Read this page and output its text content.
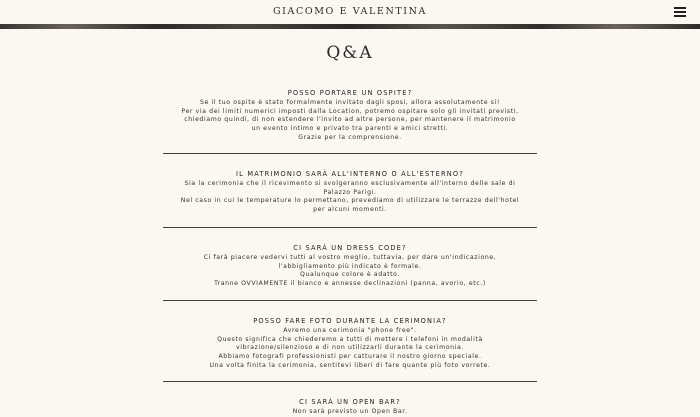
GIACOMO E VALENTINA
Q&A
POSSO PORTARE UN OSPITE?
Se il tuo ospite è stato formalmente invitato dagli sposi, allora assolutamente si!
Per via dei limiti numerici imposti dalla Location, potremo ospitare solo gli invitati previsti,
chiediamo quindi, di non estendere l'invito ad altre persone, per mantenere il matrimonio
un evento intimo e privato tra parenti e amici stretti.
Grazie per la comprensione.
IL MATRIMONIO SARÀ ALL'INTERNO O ALL'ESTERNO?
Sia la cerimonia che il ricevimento si svolgeranno esclusivamente all'interno delle sale di
Palazzo Parigi.
Nel caso in cui le temperature lo permettano, prevediamo di utilizzare le terrazze dell'hotel
per alcuni momenti.
CI SARÀ UN DRESS CODE?
Ci farà piacere vedervi tutti al vostro meglio, tuttavia, per dare un'indicazione,
l'abbigliamento più indicato è formale.
Qualunque colore è adatto.
Tranne OVVIAMENTE il bianco e annesse declinazioni (panna, avorio, etc.)
POSSO FARE FOTO DURANTE LA CERIMONIA?
Avremo una cerimonia "phone free".
Questo significa che chiederemo a tutti di mettere i telefoni in modalità
vibrazione/silenzioso e di non utilizzarli durante la cerimonia.
Abbiamo fotografi professionisti per catturare il nostro giorno speciale.
Una volta finita la cerimonia, sentitevi liberi di fare quante più foto vorrete.
CI SARÀ UN OPEN BAR?
Non sarà previsto un Open Bar.
